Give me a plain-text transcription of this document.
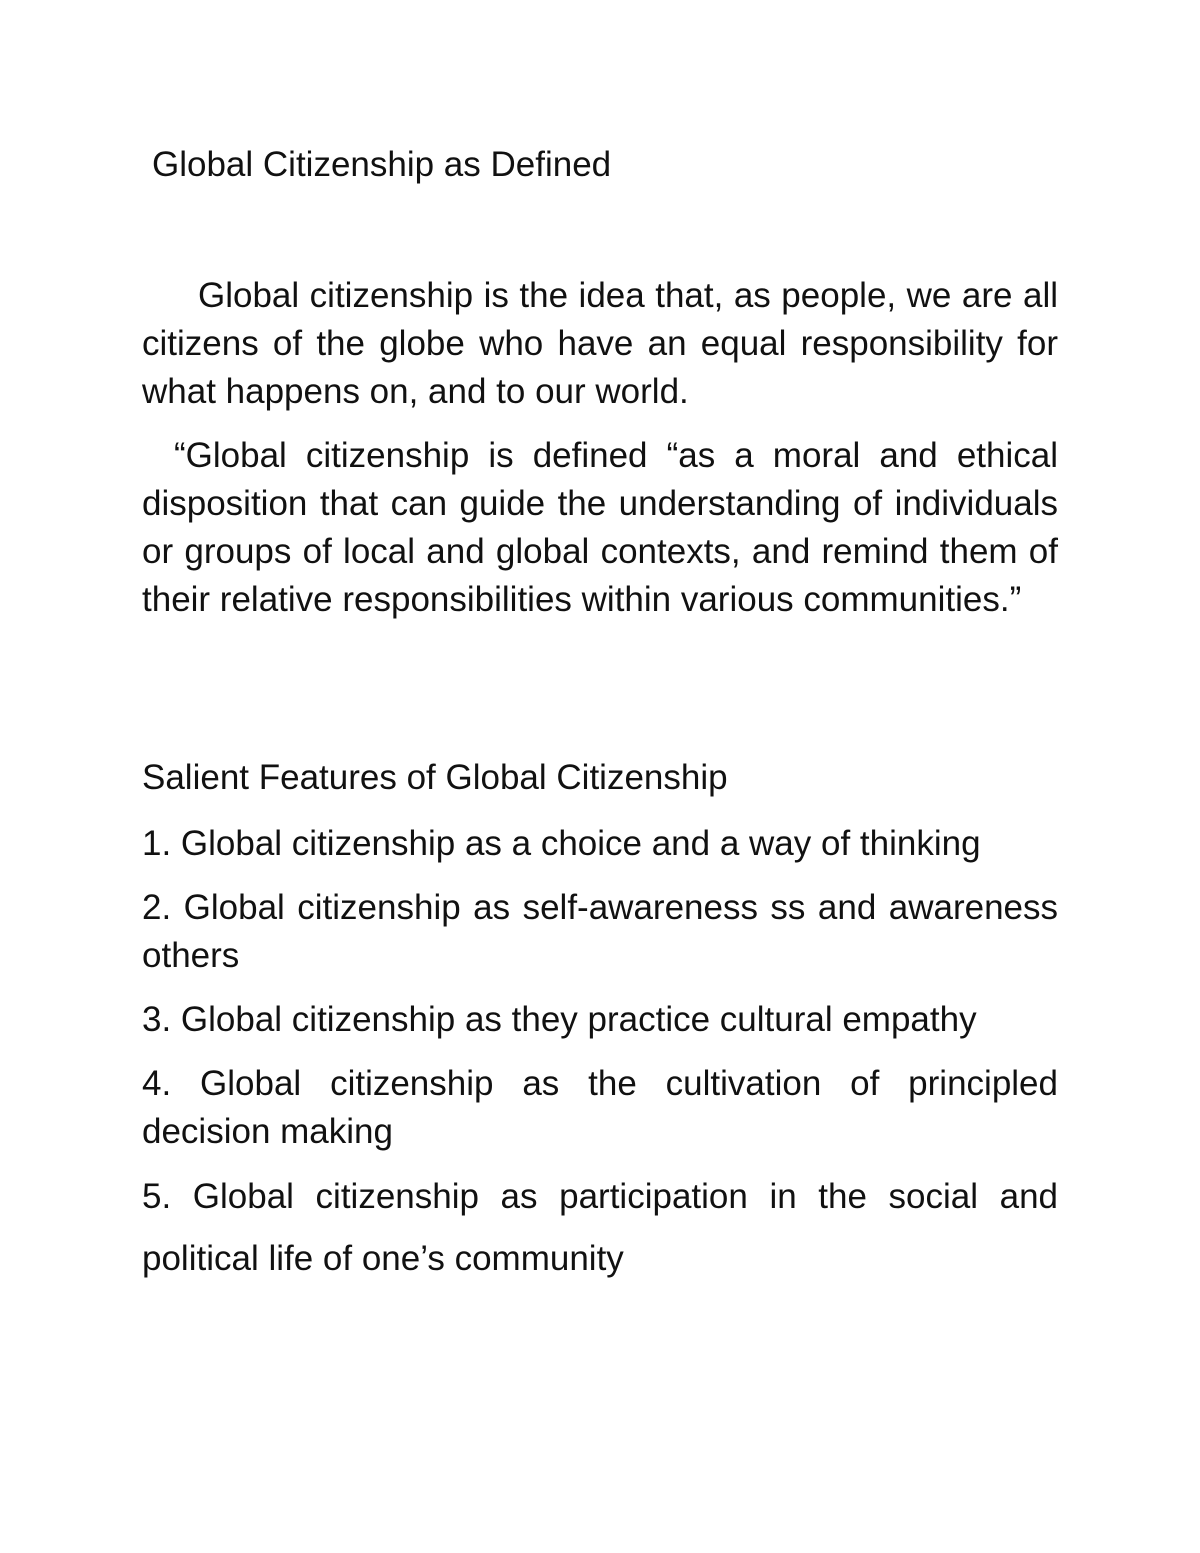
Global Citizenship as Defined

Global citizenship is the idea that, as people, we are all citizens of the globe who have an equal responsibility for what happens on, and to our world.

“Global citizenship is defined “as a moral and ethical disposition that can guide the understanding of individuals or groups of local and global contexts, and remind them of their relative responsibilities within various communities.”

Salient Features of Global Citizenship
1. Global citizenship as a choice and a way of thinking
2. Global citizenship as self-awareness ss and awareness others
3. Global citizenship as they practice cultural empathy
4. Global citizenship as the cultivation of principled decision making
5. Global citizenship as participation in the social and political life of one’s community
